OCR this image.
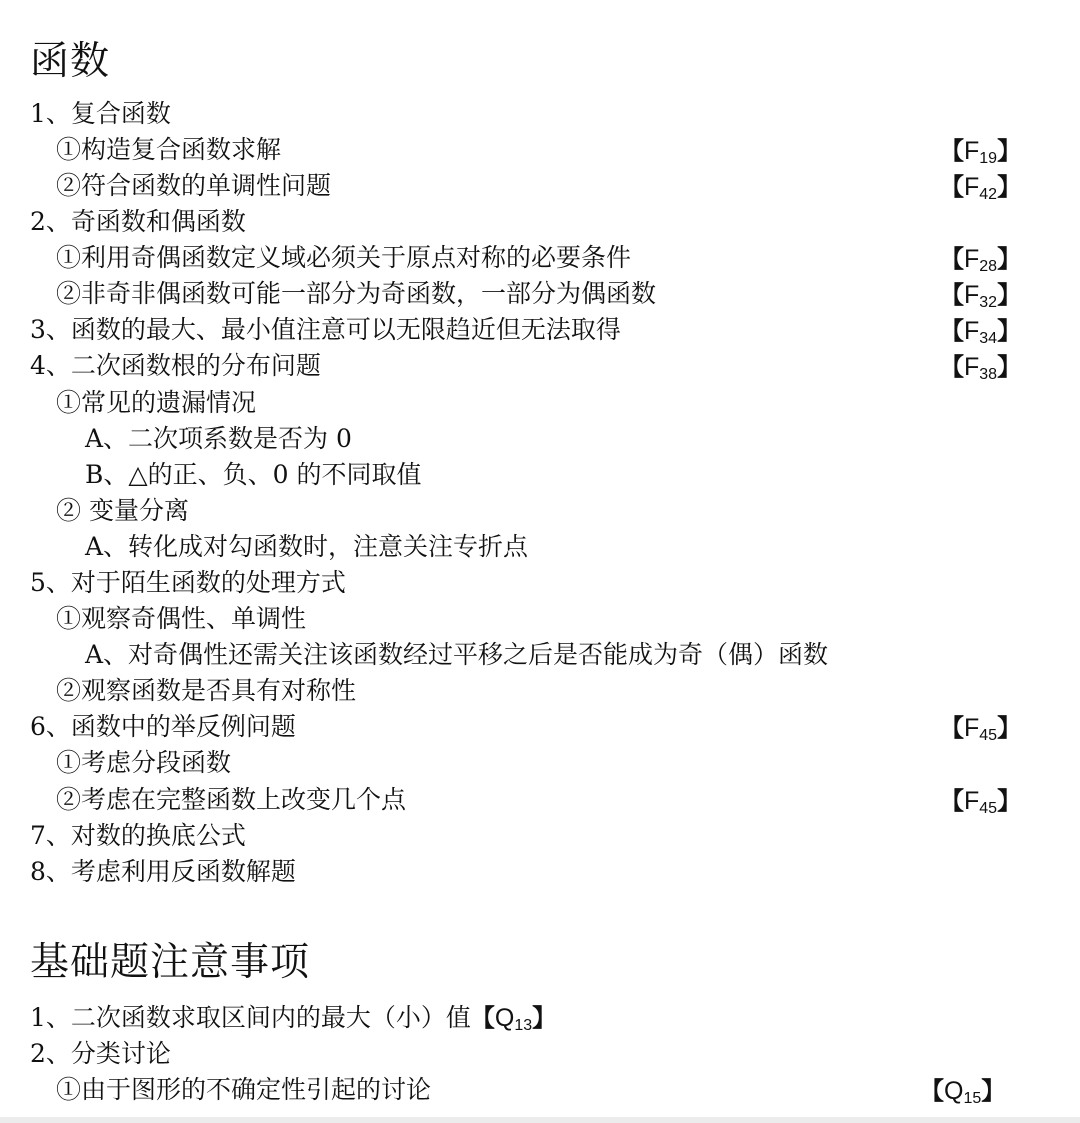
函数
1、复合函数
①构造复合函数求解	【$F_{19}$】
②符合函数的单调性问题	【$F_{42}$】
2、奇函数和偶函数
①利用奇偶函数定义域必须关于原点对称的必要条件	【$F_{28}$】
②非奇非偶函数可能一部分为奇函数，一部分为偶函数	【$F_{32}$】
3、函数的最大、最小值注意可以无限趋近但无法取得	【$F_{34}$】
4、二次函数根的分布问题	【$F_{38}$】
①常见的遗漏情况
A、二次项系数是否为 0
B、△的正、负、0 的不同取值
② 变量分离
A、转化成对勾函数时，注意关注专折点
5、对于陌生函数的处理方式
①观察奇偶性、单调性
A、对奇偶性还需关注该函数经过平移之后是否能成为奇（偶）函数
②观察函数是否具有对称性
6、函数中的举反例问题	【$F_{45}$】
①考虑分段函数
②考虑在完整函数上改变几个点	【$F_{45}$】
7、对数的换底公式
8、考虑利用反函数解题
基础题注意事项
1、二次函数求取区间内的最大（小）值【$Q_{13}$】
2、分类讨论
①由于图形的不确定性引起的讨论	【$Q_{15}$】
